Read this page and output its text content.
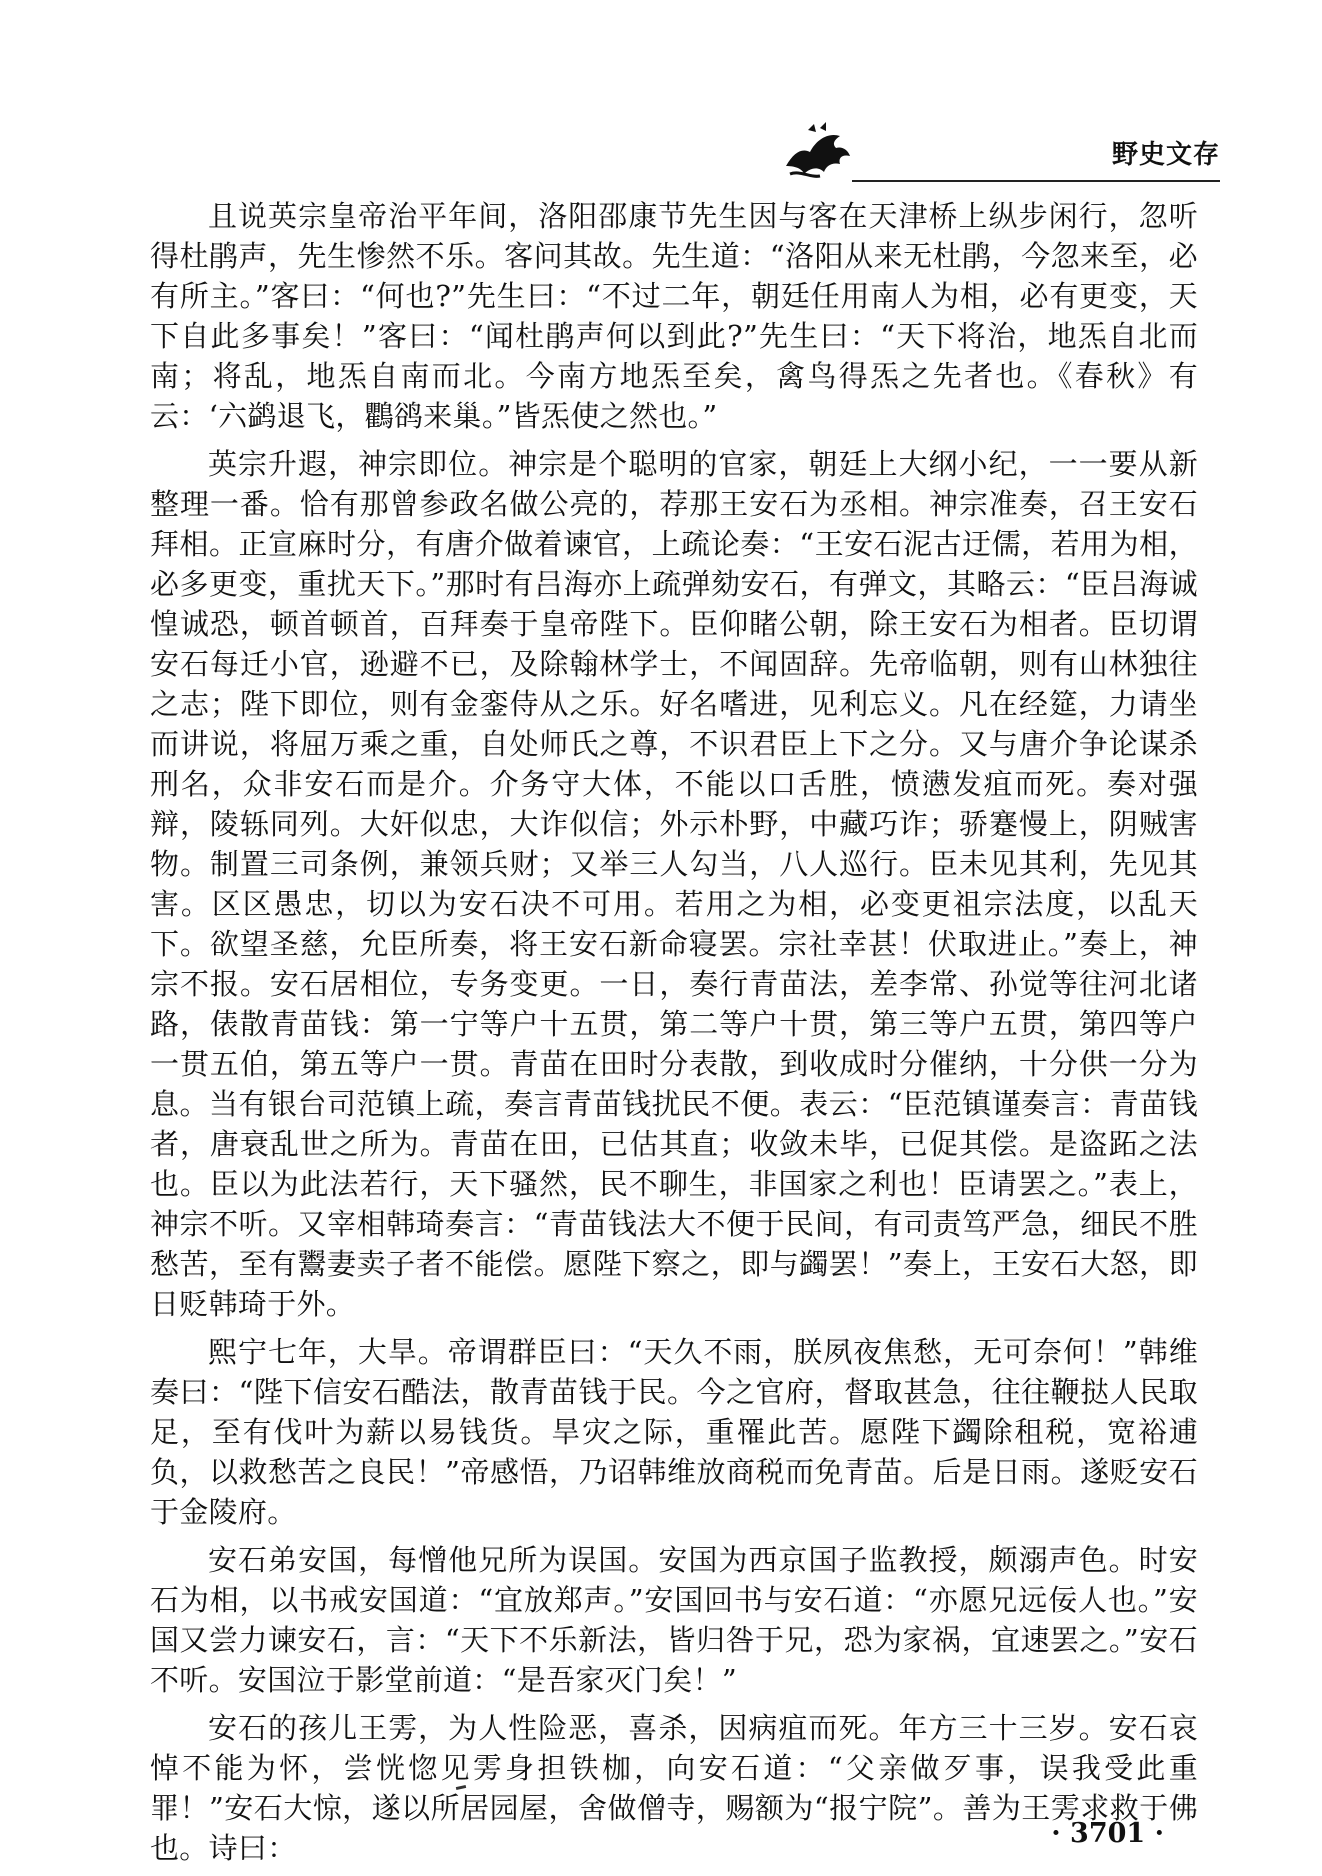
野史文存

且说英宗皇帝治平年间，洛阳邵康节先生因与客在天津桥上纵步闲行，忽听得杜鹃声，先生惨然不乐。客问其故。先生道：“洛阳从来无杜鹃，今忽来至，必有所主。”客曰：“何也?”先生曰：“不过二年，朝廷任用南人为相，必有更变，天下自此多事矣！”客曰：“闻杜鹃声何以到此?”先生曰：“天下将治，地炁自北而南；将乱，地炁自南而北。今南方地炁至矣，禽鸟得炁之先者也。《春秋》有云：‘六鹢退飞，鸜鹆来巢。”皆炁使之然也。”

英宗升遐，神宗即位。神宗是个聪明的官家，朝廷上大纲小纪，一一要从新整理一番。恰有那曾参政名做公亮的，荐那王安石为丞相。神宗准奏，召王安石拜相。正宣麻时分，有唐介做着谏官，上疏论奏：“王安石泥古迂儒，若用为相，必多更变，重扰天下。”那时有吕海亦上疏弹劾安石，有弹文，其略云：“臣吕海诚惶诚恐，顿首顿首，百拜奏于皇帝陛下。臣仰睹公朝，除王安石为相者。臣切谓安石每迁小官，逊避不已，及除翰林学士，不闻固辞。先帝临朝，则有山林独往之志；陛下即位，则有金銮侍从之乐。好名嗜进，见利忘义。凡在经筵，力请坐而讲说，将屈万乘之重，自处师氏之尊，不识君臣上下之分。又与唐介争论谋杀刑名，众非安石而是介。介务守大体，不能以口舌胜，愤懑发疽而死。奏对强辩，陵轹同列。大奸似忠，大诈似信；外示朴野，中藏巧诈；骄蹇慢上，阴贼害物。制置三司条例，兼领兵财；又举三人勾当，八人巡行。臣未见其利，先见其害。区区愚忠，切以为安石决不可用。若用之为相，必变更祖宗法度，以乱天下。欲望圣慈，允臣所奏，将王安石新命寝罢。宗社幸甚！伏取进止。”奏上，神宗不报。安石居相位，专务变更。一日，奏行青苗法，差李常、孙觉等往河北诸路，俵散青苗钱：第一宁等户十五贯，第二等户十贯，第三等户五贯，第四等户一贯五伯，第五等户一贯。青苗在田时分表散，到收成时分催纳，十分供一分为息。当有银台司范镇上疏，奏言青苗钱扰民不便。表云：“臣范镇谨奏言：青苗钱者，唐衰乱世之所为。青苗在田，已估其直；收敛未毕，已促其偿。是盗跖之法也。臣以为此法若行，天下骚然，民不聊生，非国家之利也！臣请罢之。”表上，神宗不听。又宰相韩琦奏言：“青苗钱法大不便于民间，有司责笃严急，细民不胜愁苦，至有鬻妻卖子者不能偿。愿陛下察之，即与蠲罢！”奏上，王安石大怒，即日贬韩琦于外。

熙宁七年，大旱。帝谓群臣曰：“天久不雨，朕夙夜焦愁，无可奈何！”韩维奏曰：“陛下信安石酷法，散青苗钱于民。今之官府，督取甚急，往往鞭挞人民取足，至有伐叶为薪以易钱货。旱灾之际，重罹此苦。愿陛下蠲除租税，宽裕逋负，以救愁苦之良民！”帝感悟，乃诏韩维放商税而免青苗。后是日雨。遂贬安石于金陵府。

安石弟安国，每憎他兄所为误国。安国为西京国子监教授，颇溺声色。时安石为相，以书戒安国道：“宜放郑声。”安国回书与安石道：“亦愿兄远佞人也。”安国又尝力谏安石，言：“天下不乐新法，皆归咎于兄，恐为家祸，宜速罢之。”安石不听。安国泣于影堂前道：“是吾家灭门矣！”

安石的孩儿王雱，为人性险恶，喜杀，因病疽而死。年方三十三岁。安石哀悼不能为怀，尝恍惚见雱身担铁枷，向安石道：“父亲做歹事，误我受此重罪！”安石大惊，遂以所居园屋，舍做僧寺，赐额为“报宁院”。善为王雱求救于佛也。诗曰：	· 3701 ·
